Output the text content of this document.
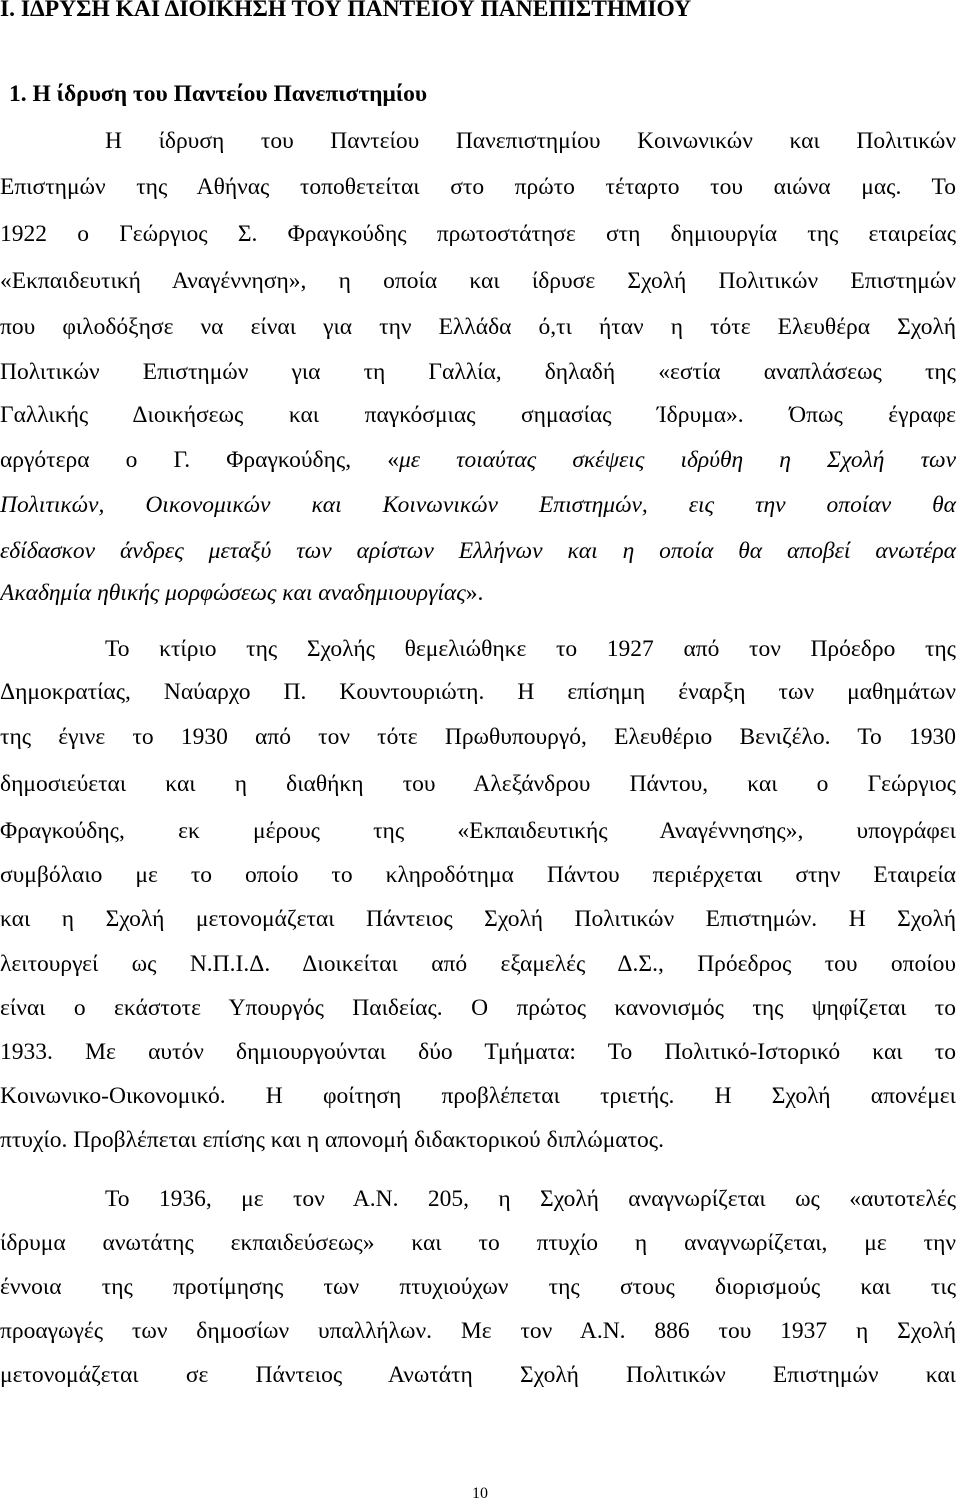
Ι. ΙΔΡΥΣΗ ΚΑΙ ΔΙΟΙΚΗΣΗ ΤΟΥ ΠΑΝΤΕΙΟΥ ΠΑΝΕΠΙΣΤΗΜΙΟΥ

1. Η ίδρυση του Παντείου Πανεπιστημίου

Η ίδρυση του Παντείου Πανεπιστημίου Κοινωνικών και Πολιτικών

Επιστημών της Αθήνας τοποθετείται στο πρώτο τέταρτο του αιώνα μας. Το

1922 ο Γεώργιος Σ. Φραγκούδης πρωτοστάτησε στη δημιουργία της εταιρείας

«Εκπαιδευτική Αναγέννηση», η οποία και ίδρυσε Σχολή Πολιτικών Επιστημών

που φιλοδόξησε να είναι για την Ελλάδα ό,τι ήταν η τότε Ελευθέρα Σχολή

Πολιτικών Επιστημών για τη Γαλλία, δηλαδή «εστία αναπλάσεως της

Γαλλικής Διοικήσεως και παγκόσμιας σημασίας Ίδρυμα». Όπως έγραφε

αργότερα ο Γ. Φραγκούδης, «με τοιαύτας σκέψεις ιδρύθη η Σχολή των

Πολιτικών, Οικονομικών και Κοινωνικών Επιστημών, εις την οποίαν θα

εδίδασκον άνδρες μεταξύ των αρίστων Ελλήνων και η οποία θα αποβεί ανωτέρα

Ακαδημία ηθικής μορφώσεως και αναδημιουργίας».

Το κτίριο της Σχολής θεμελιώθηκε το 1927 από τον Πρόεδρο της

Δημοκρατίας, Ναύαρχο Π. Κουντουριώτη. Η επίσημη έναρξη των μαθημάτων

της έγινε το 1930 από τον τότε Πρωθυπουργό, Ελευθέριο Βενιζέλο. Το 1930

δημοσιεύεται και η διαθήκη του Αλεξάνδρου Πάντου, και ο Γεώργιος

Φραγκούδης, εκ μέρους της «Εκπαιδευτικής Αναγέννησης», υπογράφει

συμβόλαιο με το οποίο το κληροδότημα Πάντου περιέρχεται στην Εταιρεία

και η Σχολή μετονομάζεται Πάντειος Σχολή Πολιτικών Επιστημών. Η Σχολή

λειτουργεί ως Ν.Π.Ι.Δ. Διοικείται από εξαμελές Δ.Σ., Πρόεδρος του οποίου

είναι ο εκάστοτε Υπουργός Παιδείας. Ο πρώτος κανονισμός της ψηφίζεται το

1933. Με αυτόν δημιουργούνται δύο Τμήματα: Το Πολιτικό-Ιστορικό και το

Κοινωνικο-Οικονομικό. Η φοίτηση προβλέπεται τριετής. Η Σχολή απονέμει

πτυχίο. Προβλέπεται επίσης και η απονομή διδακτορικού διπλώματος.

Το 1936, με τον Α.Ν. 205, η Σχολή αναγνωρίζεται ως «αυτοτελές

ίδρυμα ανωτάτης εκπαιδεύσεως» και το πτυχίο η αναγνωρίζεται, με την

έννοια της προτίμησης των πτυχιούχων της στους διορισμούς και τις

προαγωγές των δημοσίων υπαλλήλων. Με τον Α.Ν. 886 του 1937 η Σχολή

μετονομάζεται σε Πάντειος Ανωτάτη Σχολή Πολιτικών Επιστημών και

10
